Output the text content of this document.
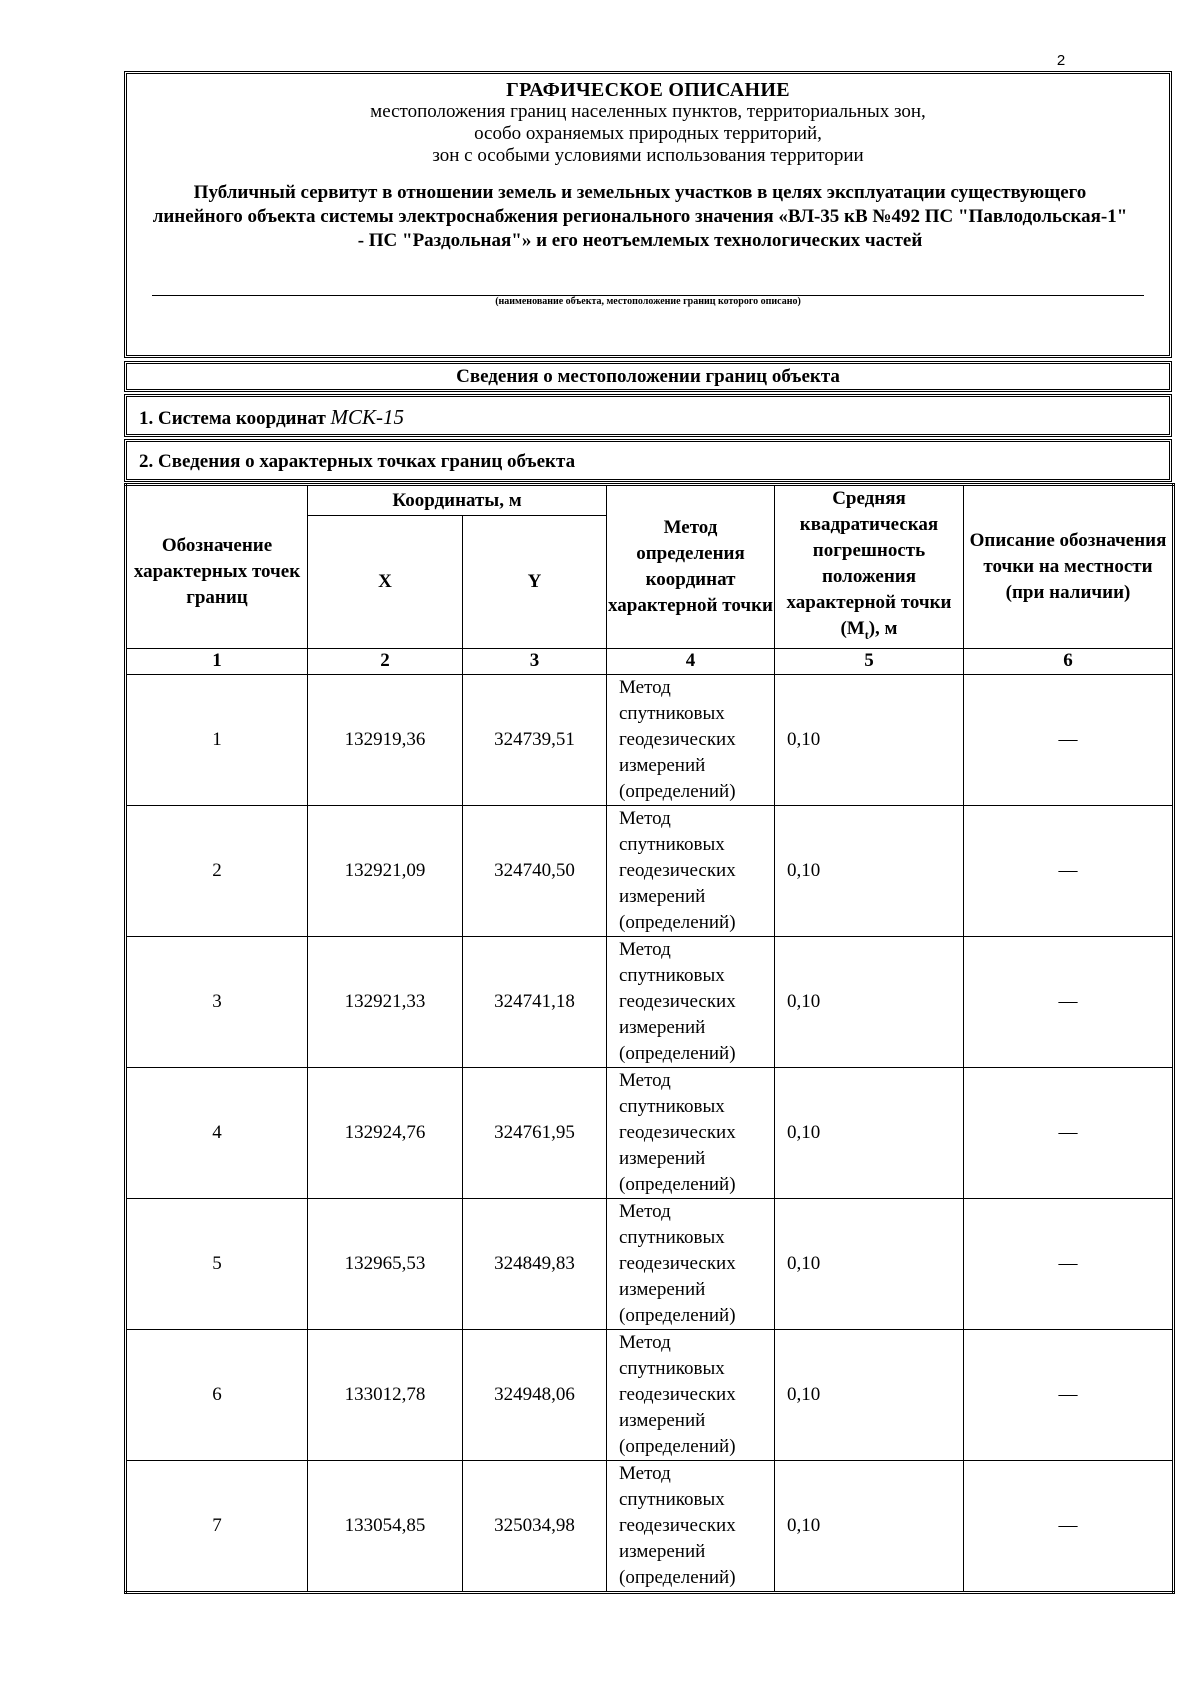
2
ГРАФИЧЕСКОЕ ОПИСАНИЕ
местоположения границ населенных пунктов, территориальных зон,
особо охраняемых природных территорий,
зон с особыми условиями использования территории
Публичный сервитут в отношении земель и земельных участков в целях эксплуатации существующего линейного объекта системы электроснабжения регионального значения «ВЛ-35 кВ №492 ПС "Павлодольская-1" - ПС "Раздольная"» и его неотъемлемых технологических частей
(наименование объекта, местоположение границ которого описано)
Сведения о местоположении границ объекта
1. Система координат МСК-15
2. Сведения о характерных точках границ объекта
Обозначение характерных точек границ	Координаты, м		Метод определения координат характерной точки	Средняя квадратическая погрешность положения характерной точки $(M_t)$, м	Описание обозначения точки на местности (при наличии)
	X	Y			
1	2	3	4	5	6
1	132919,36	324739,51	Метод спутниковых геодезических измерений (определений)	0,10	—
2	132921,09	324740,50	Метод спутниковых геодезических измерений (определений)	0,10	—
3	132921,33	324741,18	Метод спутниковых геодезических измерений (определений)	0,10	—
4	132924,76	324761,95	Метод спутниковых геодезических измерений (определений)	0,10	—
5	132965,53	324849,83	Метод спутниковых геодезических измерений (определений)	0,10	—
6	133012,78	324948,06	Метод спутниковых геодезических измерений (определений)	0,10	—
7	133054,85	325034,98	Метод спутниковых геодезических измерений (определений)	0,10	—
